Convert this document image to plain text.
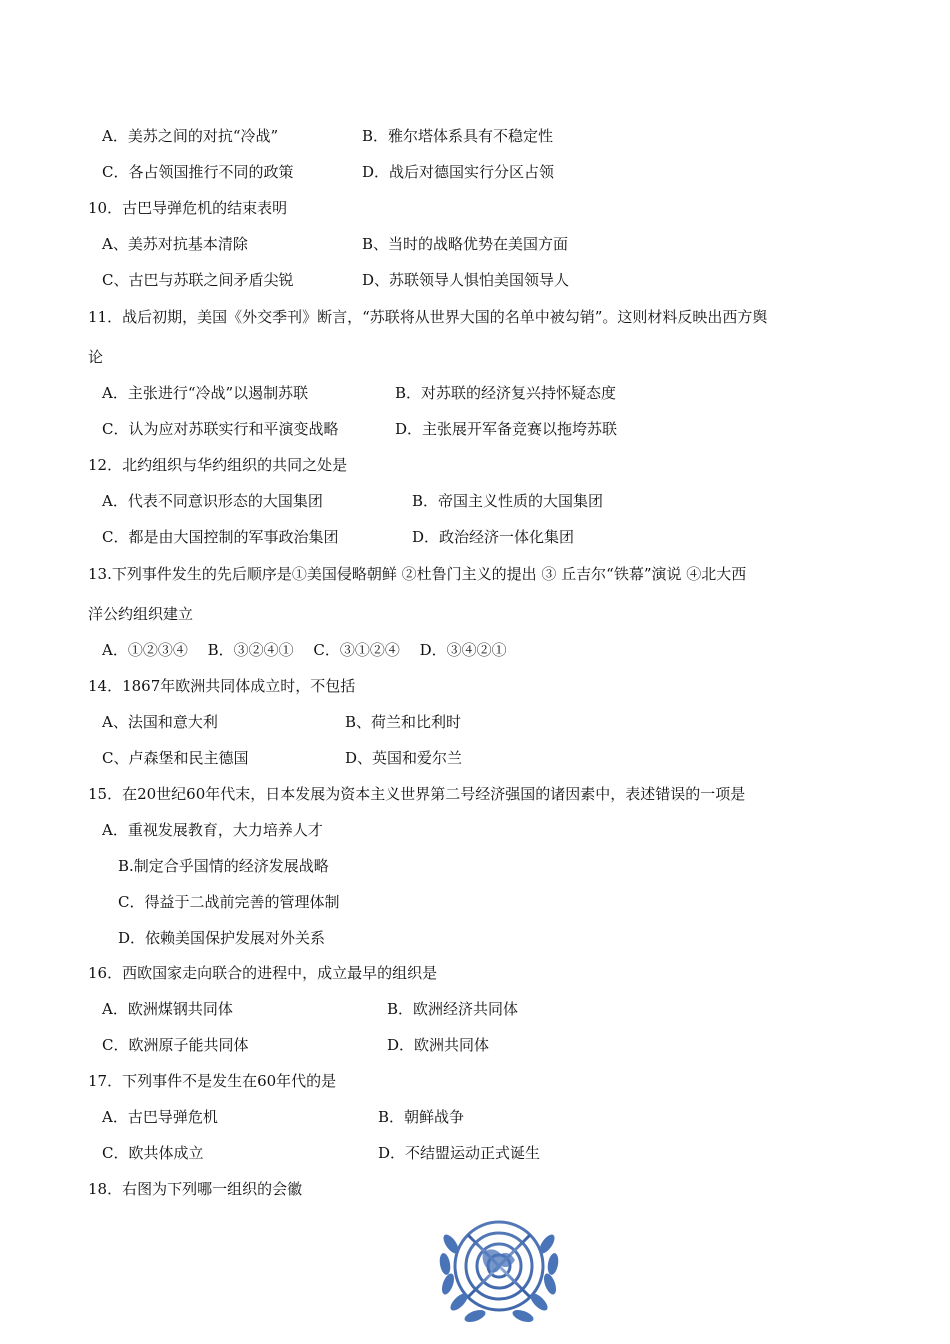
A．美苏之间的对抗“冷战”	B．雅尔塔体系具有不稳定性
C．各占领国推行不同的政策	D．战后对德国实行分区占领
10．古巴导弹危机的结束表明
A、美苏对抗基本清除	B、当时的战略优势在美国方面
C、古巴与苏联之间矛盾尖锐	D、苏联领导人惧怕美国领导人
11．战后初期，美国《外交季刊》断言，“苏联将从世界大国的名单中被勾销”。这则材料反映出西方舆
论
A．主张进行“冷战”以遏制苏联	B．对苏联的经济复兴持怀疑态度
C．认为应对苏联实行和平演变战略	D．主张展开军备竞赛以拖垮苏联
12．北约组织与华约组织的共同之处是
A．代表不同意识形态的大国集团	B．帝国主义性质的大国集团
C．都是由大国控制的军事政治集团	D．政治经济一体化集团
13.下列事件发生的先后顺序是①美国侵略朝鲜 ②杜鲁门主义的提出 ③ 丘吉尔“铁幕”演说 ④北大西
洋公约组织建立
A．①②③④　 B．③②④①　 C．③①②④　 D．③④②①
14．1867年欧洲共同体成立时，不包括
A、法国和意大利	B、荷兰和比利时
C、卢森堡和民主德国	D、英国和爱尔兰
15．在20世纪60年代末，日本发展为资本主义世界第二号经济强国的诸因素中，表述错误的一项是
A．重视发展教育，大力培养人才
B.制定合乎国情的经济发展战略
C．得益于二战前完善的管理体制
D．依赖美国保护发展对外关系
16．西欧国家走向联合的进程中，成立最早的组织是
A．欧洲煤钢共同体	B．欧洲经济共同体
C．欧洲原子能共同体	D．欧洲共同体
17．下列事件不是发生在60年代的是
A．古巴导弹危机	B．朝鲜战争
C．欧共体成立	D．不结盟运动正式诞生
18．右图为下列哪一组织的会徽
